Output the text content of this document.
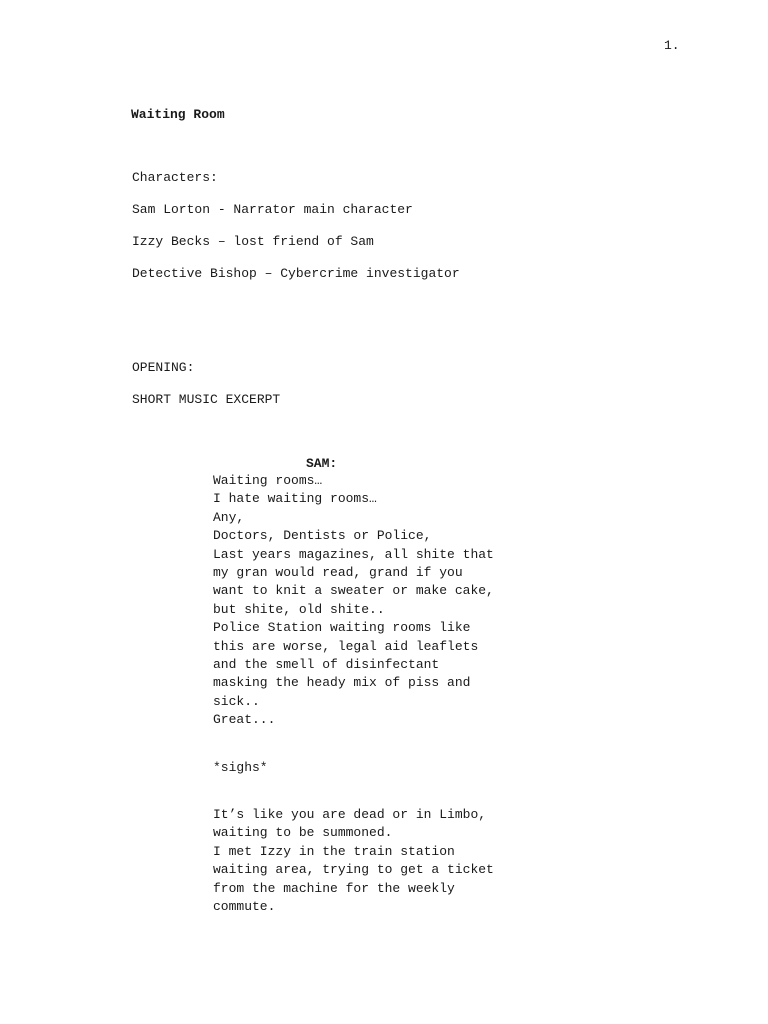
1.
Waiting Room
Characters:
Sam Lorton - Narrator main character
Izzy Becks – lost friend of Sam
Detective Bishop – Cybercrime investigator
OPENING:
SHORT MUSIC EXCERPT
SAM:
Waiting rooms…
I hate waiting rooms…
Any,
Doctors, Dentists or Police,
Last years magazines, all shite that
my gran would read, grand if you
want to knit a sweater or make cake,
but shite, old shite..
Police Station waiting rooms like
this are worse, legal aid leaflets
and the smell of disinfectant
masking the heady mix of piss and
sick..
Great...
*sighs*
It’s like you are dead or in Limbo,
waiting to be summoned.
I met Izzy in the train station
waiting area, trying to get a ticket
from the machine for the weekly
commute.
